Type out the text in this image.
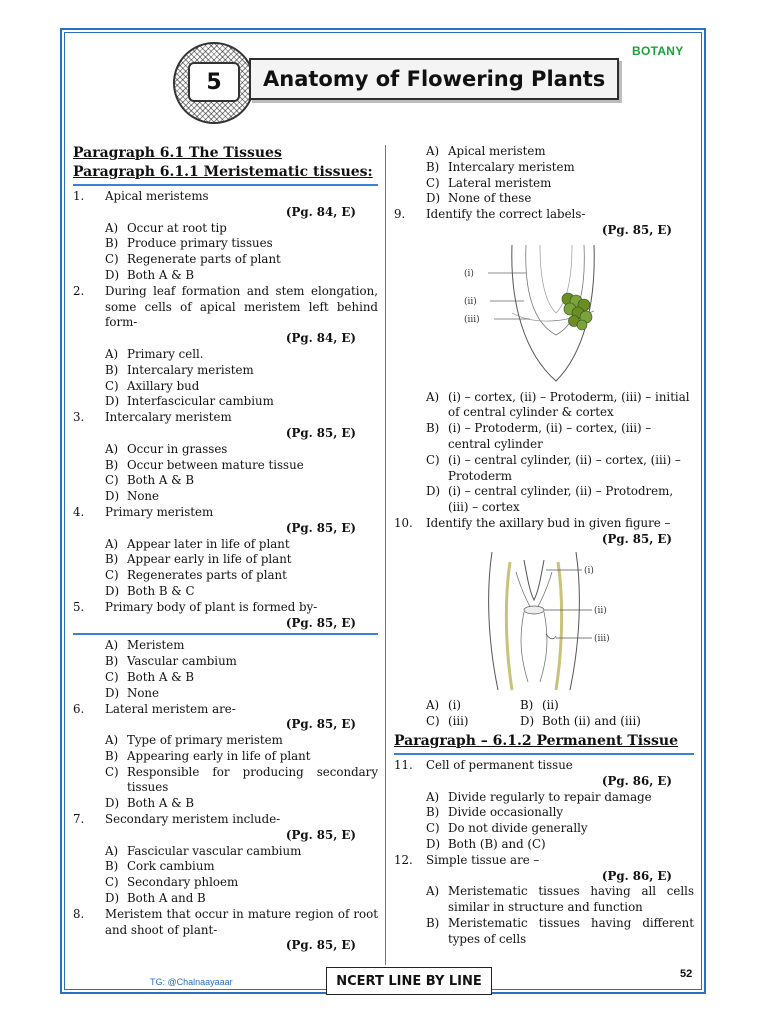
BOTANY
5	Anatomy of Flowering Plants
Paragraph 6.1 The Tissues
Paragraph 6.1.1 Meristematic tissues:
1.	Apical meristems
(Pg. 84, E)
A) Occur at root tip
B) Produce primary tissues
C) Regenerate parts of plant
D) Both A & B
2.	During leaf formation and stem elongation, some cells of apical meristem left behind form-
(Pg. 84, E)
A) Primary cell.
B) Intercalary meristem
C) Axillary bud
D) Interfascicular cambium
3.	Intercalary meristem
(Pg. 85, E)
A) Occur in grasses
B) Occur between mature tissue
C) Both A & B
D) None
4.	Primary meristem
(Pg. 85, E)
A) Appear later in life of plant
B) Appear early in life of plant
C) Regenerates parts of plant
D) Both B & C
5.	Primary body of plant is formed by-
(Pg. 85, E)
A) Meristem
B) Vascular cambium
C) Both A & B
D) None
6.	Lateral meristem are-
(Pg. 85, E)
A) Type of primary meristem
B) Appearing early in life of plant
C) Responsible for producing secondary tissues
D) Both A & B
7.	Secondary meristem include-
(Pg. 85, E)
A) Fascicular vascular cambium
B) Cork cambium
C) Secondary phloem
D) Both A and B
8.	Meristem that occur in mature region of root and shoot of plant-
(Pg. 85, E)
A) Apical meristem
B) Intercalary meristem
C) Lateral meristem
D) None of these
9.	Identify the correct labels-
(Pg. 85, E)
(i)
(ii)
(iii)
A) (i) – cortex, (ii) – Protoderm, (iii) – initial of central cylinder & cortex
B) (i) – Protoderm, (ii) – cortex, (iii) – central cylinder
C) (i) – central cylinder, (ii) – cortex, (iii) – Protoderm
D) (i) – central cylinder, (ii) – Protodrem, (iii) – cortex
10.	Identify the axillary bud in given figure –
(Pg. 85, E)
(i)
(ii)
(iii)
A) (i)	B) (ii)
C) (iii)	D) Both (ii) and (iii)
Paragraph – 6.1.2 Permanent Tissue
11.	Cell of permanent tissue
(Pg. 86, E)
A) Divide regularly to repair damage
B) Divide occasionally
C) Do not divide generally
D) Both (B) and (C)
12.	Simple tissue are –
(Pg. 86, E)
A) Meristematic tissues having all cells similar in structure and function
B) Meristematic tissues having different types of cells
TG: @Chalnaayaaar	NCERT LINE BY LINE	52
